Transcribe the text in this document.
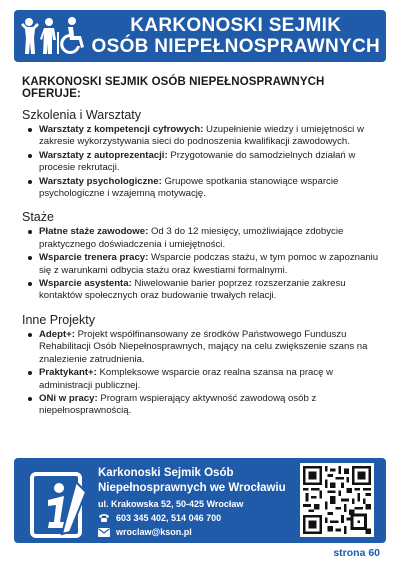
KARKONOSKI SEJMIK
OSÓB NIEPEŁNOSPRAWNYCH
KARKONOSKI SEJMIK OSÓB NIEPEŁNOSPRAWNYCH OFERUJE:
Szkolenia i Warsztaty
Warsztaty z kompetencji cyfrowych: Uzupełnienie wiedzy i umiejętności w zakresie wykorzystywania sieci do podnoszenia kwalifikacji zawodowych.
Warsztaty z autoprezentacji: Przygotowanie do samodzielnych działań w procesie rekrutacji.
Warsztaty psychologiczne: Grupowe spotkania stanowiące wsparcie psychologiczne i wzajemną motywację.
Staże
Płatne staże zawodowe: Od 3 do 12 miesięcy, umożliwiające zdobycie praktycznego doświadczenia i umiejętności.
Wsparcie trenera pracy: Wsparcie podczas stażu, w tym pomoc w zapoznaniu się z warunkami odbycia stażu oraz kwestiami formalnymi.
Wsparcie asystenta: Niwelowanie barier poprzez rozszerzanie zakresu kontaktów społecznych oraz budowanie trwałych relacji.
Inne Projekty
Adept+: Projekt współfinansowany ze środków Państwowego Funduszu Rehabilitacji Osób Niepełnosprawnych, mający na celu zwiększenie szans na znalezienie zatrudnienia.
Praktykant+: Kompleksowe wsparcie oraz realna szansa na pracę w administracji publicznej.
ONi w pracy: Program wspierający aktywność zawodową osób z niepełnosprawnością.
Karkonoski Sejmik Osób
Niepełnosprawnych we Wrocławiu
ul. Krakowska 52, 50-425 Wrocław
603 345 402, 514 046 700
wroclaw@kson.pl
strona 60
